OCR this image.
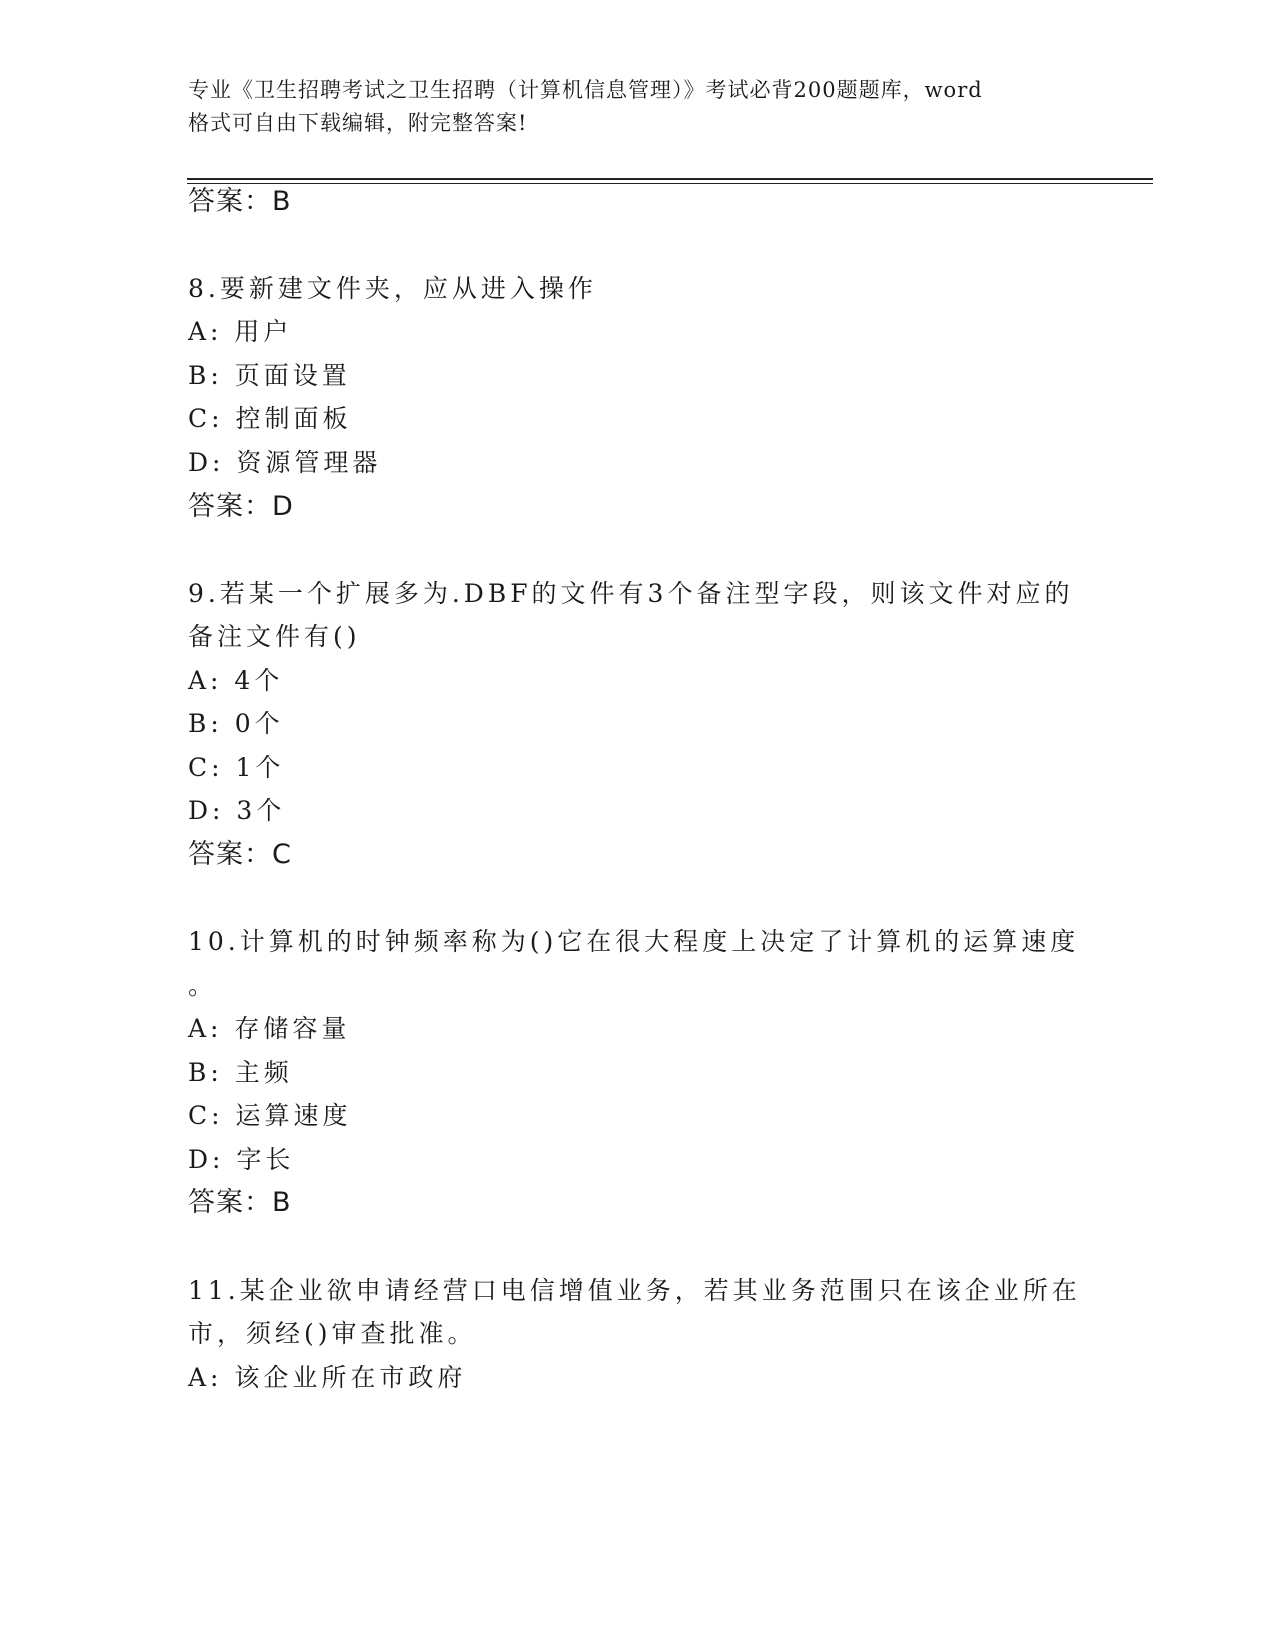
专业《卫生招聘考试之卫生招聘（计算机信息管理）》考试必背200题题库，word
格式可自由下载编辑，附完整答案!
答案：B
8.要新建文件夹，应从进入操作
A: 用户
B: 页面设置
C: 控制面板
D: 资源管理器
答案：D
9.若某一个扩展多为.DBF的文件有3个备注型字段，则该文件对应的
备注文件有()
A: 4个
B: 0个
C: 1个
D: 3个
答案：C
10.计算机的时钟频率称为()它在很大程度上决定了计算机的运算速度
。
A: 存储容量
B: 主频
C: 运算速度
D: 字长
答案：B
11.某企业欲申请经营口电信增值业务，若其业务范围只在该企业所在
市，须经()审查批准。
A: 该企业所在市政府
